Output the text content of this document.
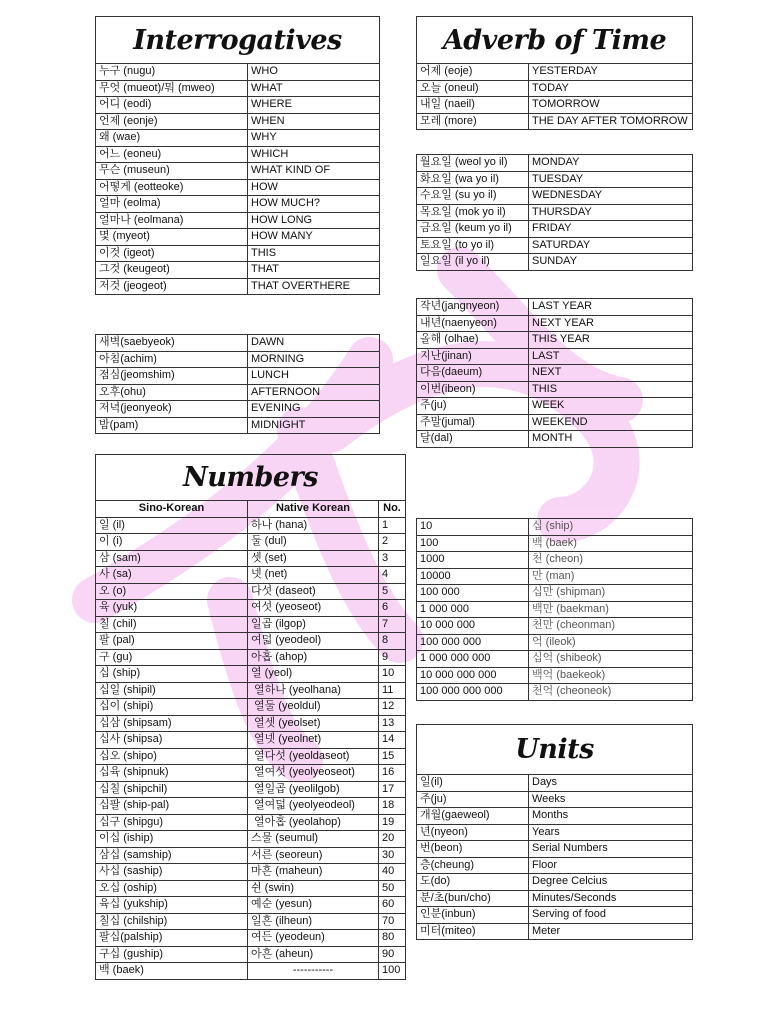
Interrogatives
누구 (nugu)	WHO
무엇 (mueot)/뭐 (mweo)	WHAT
어디 (eodi)	WHERE
언제 (eonje)	WHEN
왜 (wae)	WHY
어느 (eoneu)	WHICH
무슨 (museun)	WHAT KIND OF
어떻게 (eotteoke)	HOW
얼마 (eolma)	HOW MUCH?
얼마나 (eolmana)	HOW LONG
몇 (myeot)	HOW MANY
이것 (igeot)	THIS
그것 (keugeot)	THAT
저것 (jeogeot)	THAT OVERTHERE
새벽(saebyeok)	DAWN
아침(achim)	MORNING
점심(jeomshim)	LUNCH
오후(ohu)	AFTERNOON
저녁(jeonyeok)	EVENING
밤(pam)	MIDNIGHT
Adverb of Time
어제 (eoje)	YESTERDAY
오늘 (oneul)	TODAY
내일 (naeil)	TOMORROW
모레 (more)	THE DAY AFTER TOMORROW
월요일 (weol yo il)	MONDAY
화요일 (wa yo il)	TUESDAY
수요일 (su yo il)	WEDNESDAY
목요일 (mok yo il)	THURSDAY
금요일 (keum yo il)	FRIDAY
토요일 (to yo il)	SATURDAY
일요일 (il yo il)	SUNDAY
작년(jangnyeon)	LAST YEAR
내년(naenyeon)	NEXT YEAR
올해 (olhae)	THIS YEAR
지난(jinan)	LAST
다음(daeum)	NEXT
이번(ibeon)	THIS
주(ju)	WEEK
주말(jumal)	WEEKEND
달(dal)	MONTH
Numbers
Sino-Korean	Native Korean	No.
일 (il)	하나 (hana)	1
이 (i)	둘 (dul)	2
삼 (sam)	셋 (set)	3
사 (sa)	넷 (net)	4
오 (o)	다섯 (daseot)	5
육 (yuk)	여섯 (yeoseot)	6
칠 (chil)	일곱 (ilgop)	7
팔 (pal)	여덟 (yeodeol)	8
구 (gu)	아홉 (ahop)	9
십 (ship)	열 (yeol)	10
십일 (shipil)	열하나 (yeolhana)	11
십이 (shipi)	열둘 (yeoldul)	12
십삼 (shipsam)	열셋 (yeolset)	13
십사 (shipsa)	열넷 (yeolnet)	14
십오 (shipo)	열다섯 (yeoldaseot)	15
십육 (shipnuk)	열여섯 (yeolyeoseot)	16
십칠 (shipchil)	열일곱 (yeolilgob)	17
십팔 (ship-pal)	열여덟 (yeolyeodeol)	18
십구 (shipgu)	열아홉 (yeolahop)	19
이십 (iship)	스물 (seumul)	20
삼십 (samship)	서른 (seoreun)	30
사십 (saship)	마흔 (maheun)	40
오십 (oship)	쉰 (swin)	50
육십 (yukship)	예순 (yesun)	60
칠십 (chilship)	일흔 (ilheun)	70
팔십(palship)	여든 (yeodeun)	80
구십 (guship)	아흔 (aheun)	90
백 (baek)	-----------	100
10	십 (ship)
100	백 (baek)
1000	천 (cheon)
10000	만 (man)
100 000	십만 (shipman)
1 000 000	백만 (baekman)
10 000 000	천만 (cheonman)
100 000 000	억 (ileok)
1 000 000 000	십억 (shibeok)
10 000 000 000	백억 (baekeok)
100 000 000 000	천억 (cheoneok)
Units
일(il)	Days
주(ju)	Weeks
개월(gaeweol)	Months
년(nyeon)	Years
번(beon)	Serial Numbers
층(cheung)	Floor
도(do)	Degree Celcius
분/초(bun/cho)	Minutes/Seconds
인분(inbun)	Serving of food
미터(miteo)	Meter
